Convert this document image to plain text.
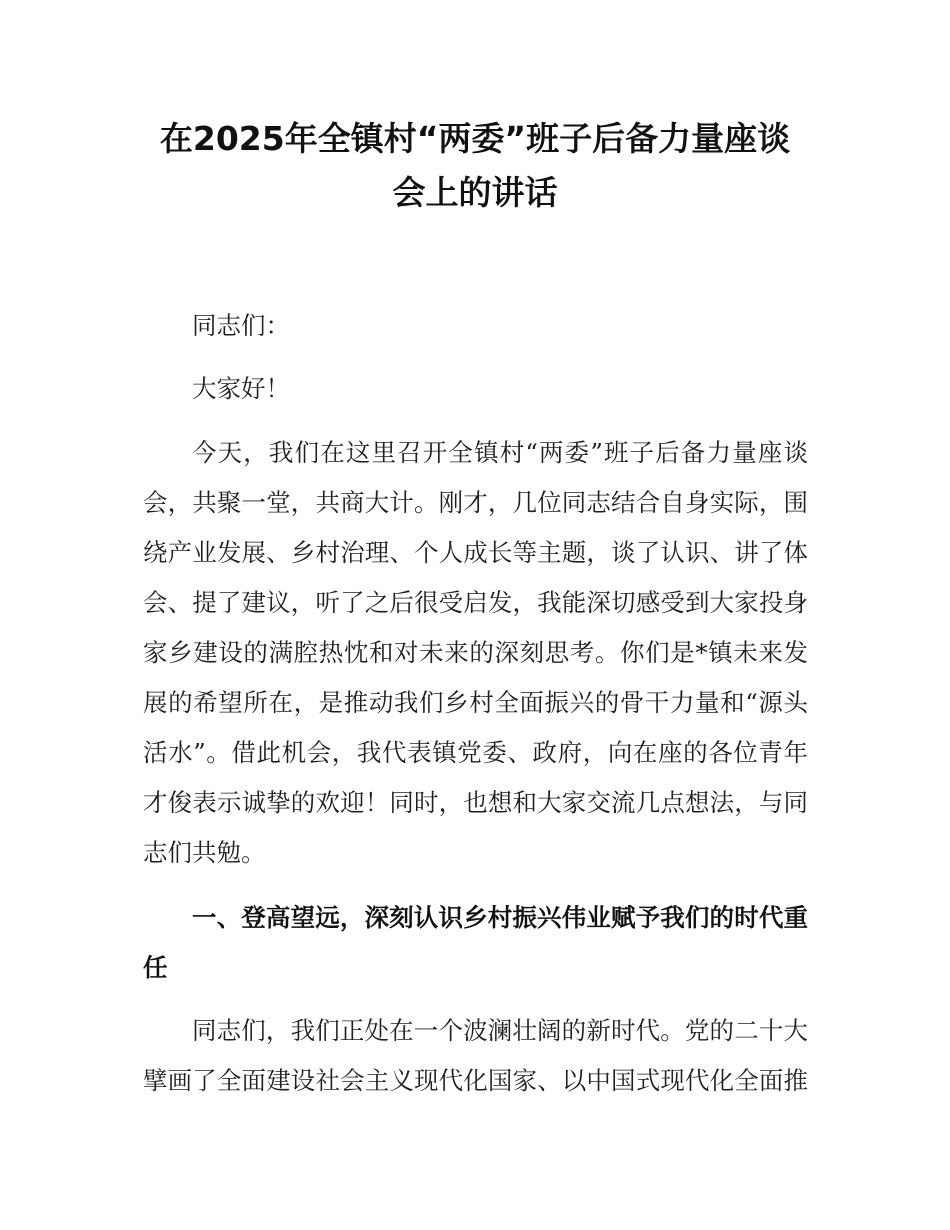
在2025年全镇村“两委”班子后备力量座谈
会上的讲话
同志们：
大家好！
今天，我们在这里召开全镇村“两委”班子后备力量座谈
会，共聚一堂，共商大计。刚才，几位同志结合自身实际，围
绕产业发展、乡村治理、个人成长等主题，谈了认识、讲了体
会、提了建议，听了之后很受启发，我能深切感受到大家投身
家乡建设的满腔热忱和对未来的深刻思考。你们是*镇未来发
展的希望所在，是推动我们乡村全面振兴的骨干力量和“源头
活水”。借此机会，我代表镇党委、政府，向在座的各位青年
才俊表示诚挚的欢迎！同时，也想和大家交流几点想法，与同
志们共勉。
一、登高望远，深刻认识乡村振兴伟业赋予我们的时代重
任
同志们，我们正处在一个波澜壮阔的新时代。党的二十大
擘画了全面建设社会主义现代化国家、以中国式现代化全面推
